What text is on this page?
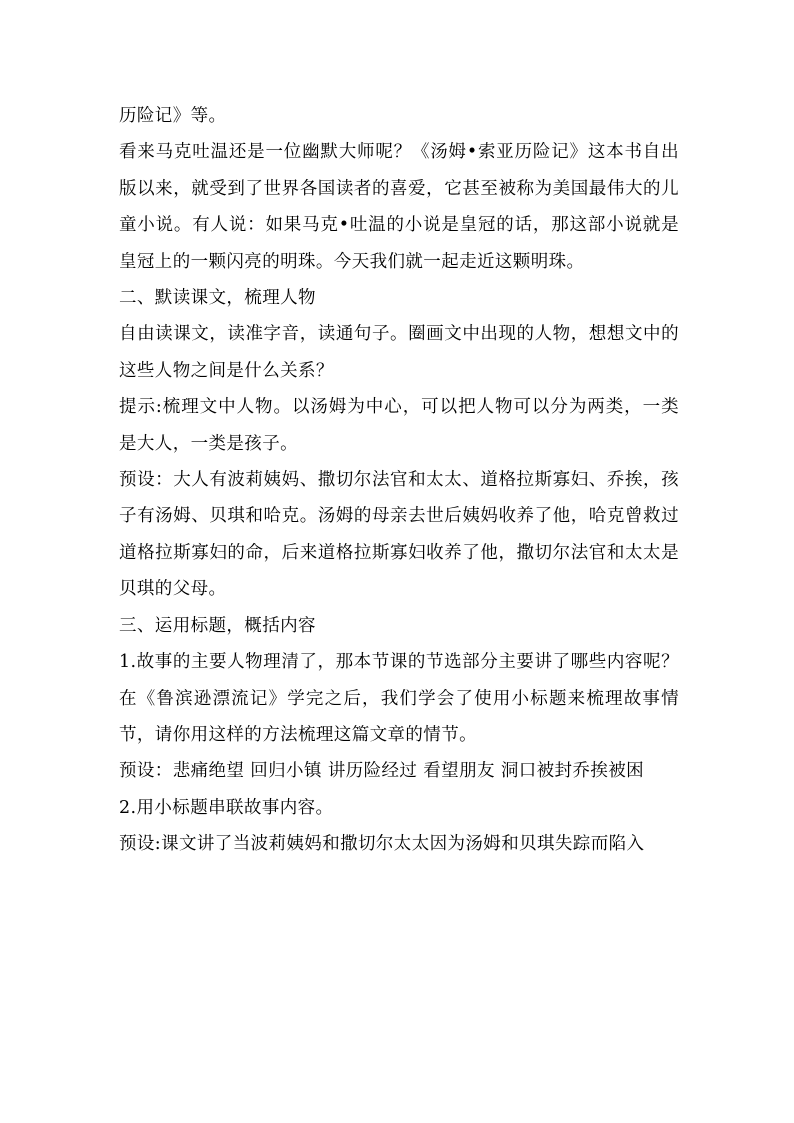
历险记》等。

看来马克吐温还是一位幽默大师呢？《汤姆•索亚历险记》这本书自出版以来，就受到了世界各国读者的喜爱，它甚至被称为美国最伟大的儿童小说。有人说：如果马克•吐温的小说是皇冠的话，那这部小说就是皇冠上的一颗闪亮的明珠。今天我们就一起走近这颗明珠。

二、默读课文，梳理人物

自由读课文，读准字音，读通句子。圈画文中出现的人物，想想文中的这些人物之间是什么关系？

提示:梳理文中人物。以汤姆为中心，可以把人物可以分为两类，一类是大人，一类是孩子。

预设：大人有波莉姨妈、撒切尔法官和太太、道格拉斯寡妇、乔挨，孩子有汤姆、贝琪和哈克。汤姆的母亲去世后姨妈收养了他，哈克曾救过道格拉斯寡妇的命，后来道格拉斯寡妇收养了他，撒切尔法官和太太是贝琪的父母。

三、运用标题，概括内容

1.故事的主要人物理清了，那本节课的节选部分主要讲了哪些内容呢？在《鲁滨逊漂流记》学完之后，我们学会了使用小标题来梳理故事情节，请你用这样的方法梳理这篇文章的情节。

预设：悲痛绝望 回归小镇 讲历险经过 看望朋友 洞口被封乔挨被困

2.用小标题串联故事内容。

预设:课文讲了当波莉姨妈和撒切尔太太因为汤姆和贝琪失踪而陷入
